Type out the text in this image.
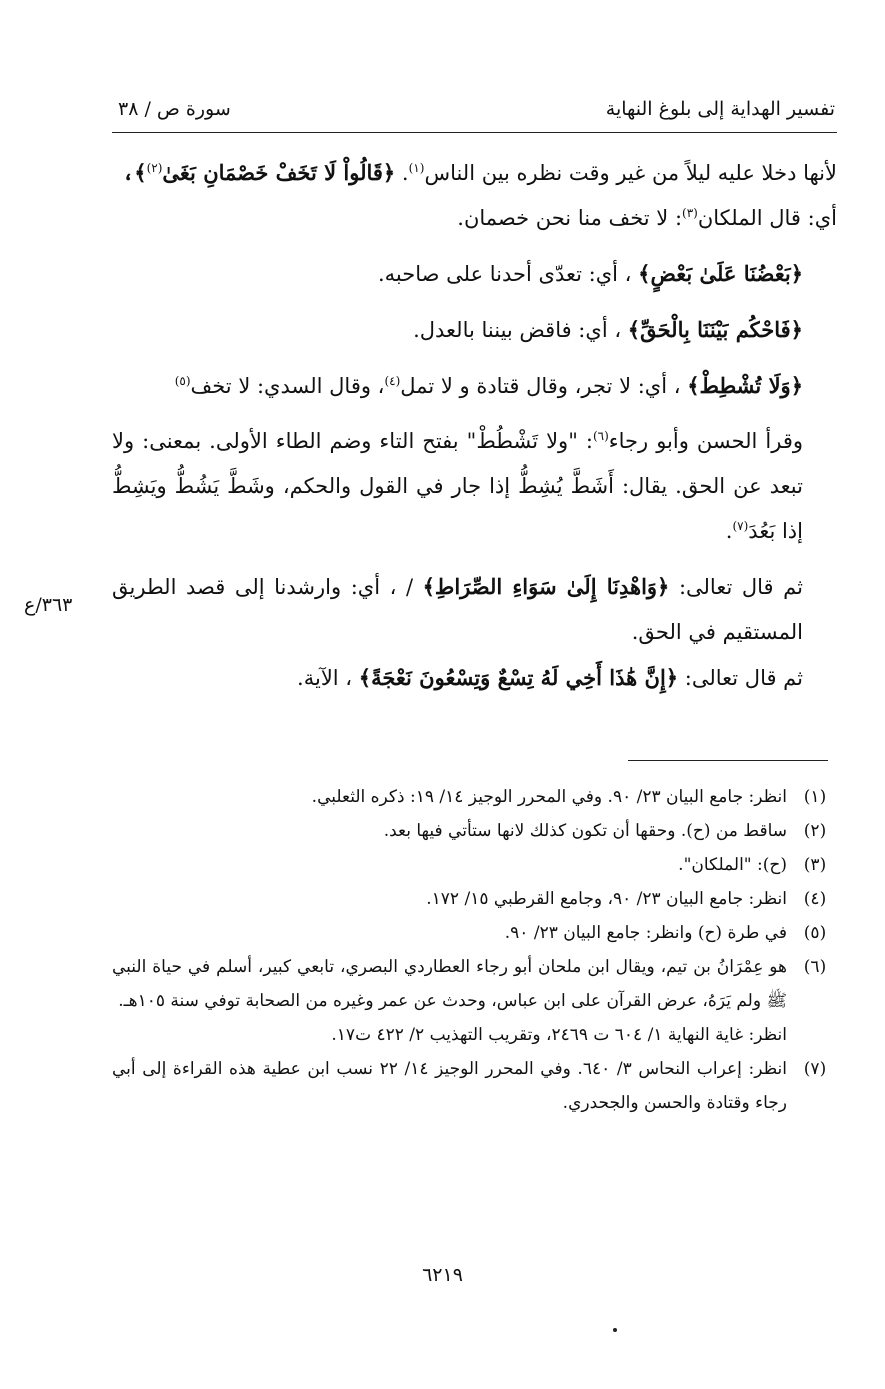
تفسير الهداية إلى بلوغ النهاية
سورة ص / ٣٨

لأنها دخلا عليه ليلاً من غير وقت نظره بين الناس$^{(١)}$. ﴿قَالُواْ لَا تَخَفْ خَصْمَانِ بَغَىٰ$^{(٢)}$﴾،

أي: قال الملكان$^{(٣)}$: لا تخف منا نحن خصمان.

﴿بَعْضُنَا عَلَىٰ بَعْضٍ﴾ ، أي: تعدّى أحدنا على صاحبه.

﴿فَاحْكُم بَيْنَنَا بِالْحَقِّ﴾ ، أي: فاقض بيننا بالعدل.

﴿وَلَا تُشْطِطْ﴾ ، أي: لا تجر، وقال قتادة و لا تمل$^{(٤)}$، وقال السدي: لا تخف$^{(٥)}$

وقرأ الحسن وأبو رجاء$^{(٦)}$: "ولا تَشْطُطْ" بفتح التاء وضم الطاء الأولى. بمعنى: ولا تبعد عن الحق. يقال: أَشَطَّ يُشِطُّ إذا جار في القول والحكم، وشَطَّ يَشُطُّ ويَشِطُّ إذا بَعُدَ$^{(٧)}$.

ثم قال تعالى: ﴿وَاهْدِنَا إِلَىٰ سَوَاءِ الصِّرَاطِ﴾ / ، أي: وارشدنا إلى قصد الطريق المستقيم في الحق.

ثم قال تعالى: ﴿إِنَّ هَٰذَا أَخِي لَهُ تِسْعٌ وَتِسْعُونَ نَعْجَةً﴾ ، الآية.

٣٦٣/ع
(١)
انظر: جامع البيان ٢٣/ ٩٠. وفي المحرر الوجيز ١٤/ ١٩: ذكره الثعلبي.
(٢)
ساقط من (ح). وحقها أن تكون كذلك لانها ستأتي فيها بعد.
(٣)
(ح): "الملكان".
(٤)
انظر: جامع البيان ٢٣/ ٩٠، وجامع القرطبي ١٥/ ١٧٢.
(٥)
في طرة (ح) وانظر: جامع البيان ٢٣/ ٩٠.
(٦)
هو عِمْرَانُ بن تيم، ويقال ابن ملحان أبو رجاء العطاردي البصري، تابعي كبير، أسلم في حياة النبي ﷺ ولم يَرَهُ، عرض القرآن على ابن عباس، وحدث عن عمر وغيره من الصحابة توفي سنة ١٠٥هـ.
انظر: غاية النهاية ١/ ٦٠٤ ت ٢٤٦٩، وتقريب التهذيب ٢/ ٤٢٢ ت١٧.
(٧)
انظر: إعراب النحاس ٣/ ٦٤٠. وفي المحرر الوجيز ١٤/ ٢٢ نسب ابن عطية هذه القراءة إلى أبي رجاء وقتادة والحسن والجحدري.
٦٢١٩
